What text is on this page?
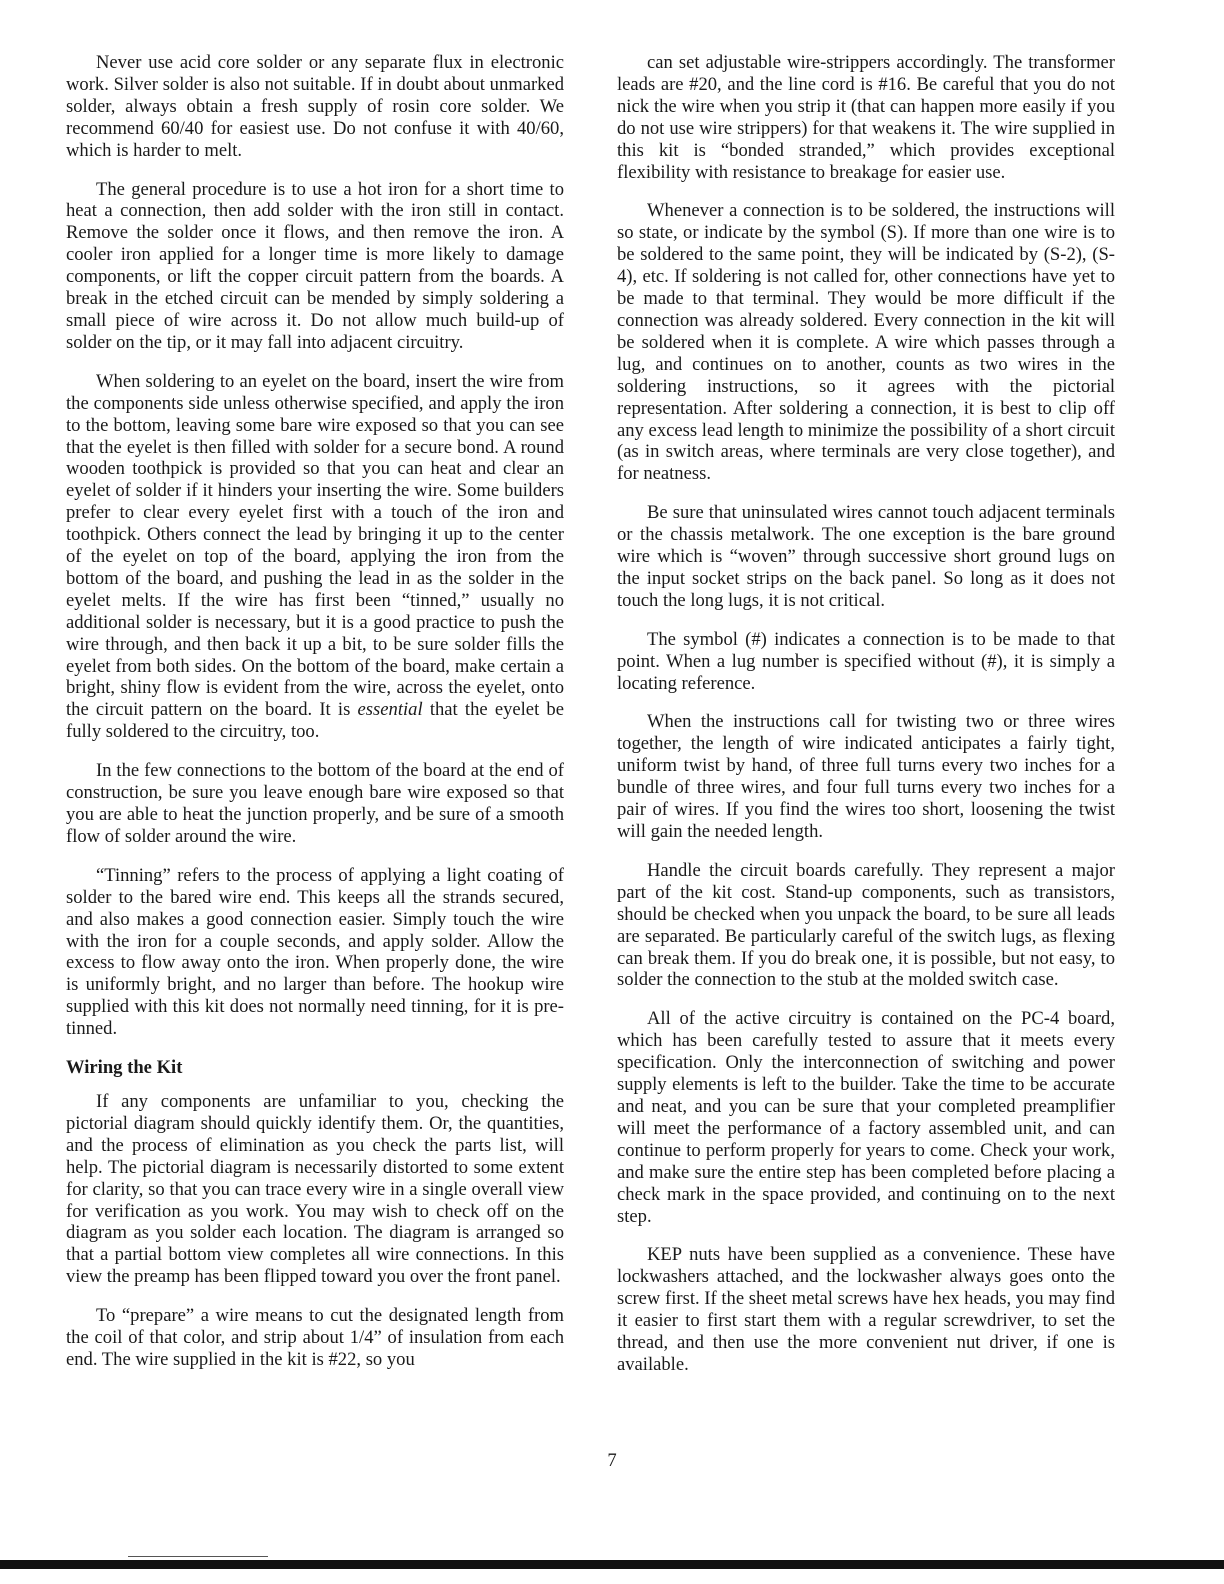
Never use acid core solder or any separate flux in electronic work. Silver solder is also not suitable. If in doubt about unmarked solder, always obtain a fresh supply of rosin core solder. We recommend 60/40 for easiest use. Do not confuse it with 40/60, which is harder to melt.

The general procedure is to use a hot iron for a short time to heat a connection, then add solder with the iron still in contact. Remove the solder once it flows, and then remove the iron. A cooler iron applied for a longer time is more likely to damage components, or lift the copper circuit pattern from the boards. A break in the etched circuit can be mended by simply soldering a small piece of wire across it. Do not allow much build-up of solder on the tip, or it may fall into adjacent circuitry.

When soldering to an eyelet on the board, insert the wire from the components side unless otherwise specified, and apply the iron to the bottom, leaving some bare wire exposed so that you can see that the eyelet is then filled with solder for a secure bond. A round wooden toothpick is provided so that you can heat and clear an eyelet of solder if it hinders your inserting the wire. Some builders prefer to clear every eyelet first with a touch of the iron and toothpick. Others connect the lead by bringing it up to the center of the eyelet on top of the board, applying the iron from the bottom of the board, and pushing the lead in as the solder in the eyelet melts. If the wire has first been “tinned,” usually no additional solder is necessary, but it is a good practice to push the wire through, and then back it up a bit, to be sure solder fills the eyelet from both sides. On the bottom of the board, make certain a bright, shiny flow is evident from the wire, across the eyelet, onto the circuit pattern on the board. It is essential that the eyelet be fully soldered to the circuitry, too.

In the few connections to the bottom of the board at the end of construction, be sure you leave enough bare wire exposed so that you are able to heat the junction properly, and be sure of a smooth flow of solder around the wire.

“Tinning” refers to the process of applying a light coating of solder to the bared wire end. This keeps all the strands secured, and also makes a good connection easier. Simply touch the wire with the iron for a couple seconds, and apply solder. Allow the excess to flow away onto the iron. When properly done, the wire is uniformly bright, and no larger than before. The hookup wire supplied with this kit does not normally need tinning, for it is pre-tinned.

Wiring the Kit

If any components are unfamiliar to you, checking the pictorial diagram should quickly identify them. Or, the quantities, and the process of elimination as you check the parts list, will help. The pictorial diagram is necessarily distorted to some extent for clarity, so that you can trace every wire in a single overall view for verification as you work. You may wish to check off on the diagram as you solder each location. The diagram is arranged so that a partial bottom view completes all wire connections. In this view the preamp has been flipped toward you over the front panel.

To “prepare” a wire means to cut the designated length from the coil of that color, and strip about 1/4” of insulation from each end. The wire supplied in the kit is #22, so you

can set adjustable wire-strippers accordingly. The transformer leads are #20, and the line cord is #16. Be careful that you do not nick the wire when you strip it (that can happen more easily if you do not use wire strippers) for that weakens it. The wire supplied in this kit is “bonded stranded,” which provides exceptional flexibility with resistance to breakage for easier use.

Whenever a connection is to be soldered, the instructions will so state, or indicate by the symbol (S). If more than one wire is to be soldered to the same point, they will be indicated by (S-2), (S-4), etc. If soldering is not called for, other connections have yet to be made to that terminal. They would be more difficult if the connection was already soldered. Every connection in the kit will be soldered when it is complete. A wire which passes through a lug, and continues on to another, counts as two wires in the soldering instructions, so it agrees with the pictorial representation. After soldering a connection, it is best to clip off any excess lead length to minimize the possibility of a short circuit (as in switch areas, where terminals are very close together), and for neatness.

Be sure that uninsulated wires cannot touch adjacent terminals or the chassis metalwork. The one exception is the bare ground wire which is “woven” through successive short ground lugs on the input socket strips on the back panel. So long as it does not touch the long lugs, it is not critical.

The symbol (#) indicates a connection is to be made to that point. When a lug number is specified without (#), it is simply a locating reference.

When the instructions call for twisting two or three wires together, the length of wire indicated anticipates a fairly tight, uniform twist by hand, of three full turns every two inches for a bundle of three wires, and four full turns every two inches for a pair of wires. If you find the wires too short, loosening the twist will gain the needed length.

Handle the circuit boards carefully. They represent a major part of the kit cost. Stand-up components, such as transistors, should be checked when you unpack the board, to be sure all leads are separated. Be particularly careful of the switch lugs, as flexing can break them. If you do break one, it is possible, but not easy, to solder the connection to the stub at the molded switch case.

All of the active circuitry is contained on the PC-4 board, which has been carefully tested to assure that it meets every specification. Only the interconnection of switching and power supply elements is left to the builder. Take the time to be accurate and neat, and you can be sure that your completed preamplifier will meet the performance of a factory assembled unit, and can continue to perform properly for years to come. Check your work, and make sure the entire step has been completed before placing a check mark in the space provided, and continuing on to the next step.

KEP nuts have been supplied as a convenience. These have lockwashers attached, and the lockwasher always goes onto the screw first. If the sheet metal screws have hex heads, you may find it easier to first start them with a regular screwdriver, to set the thread, and then use the more convenient nut driver, if one is available.

7
